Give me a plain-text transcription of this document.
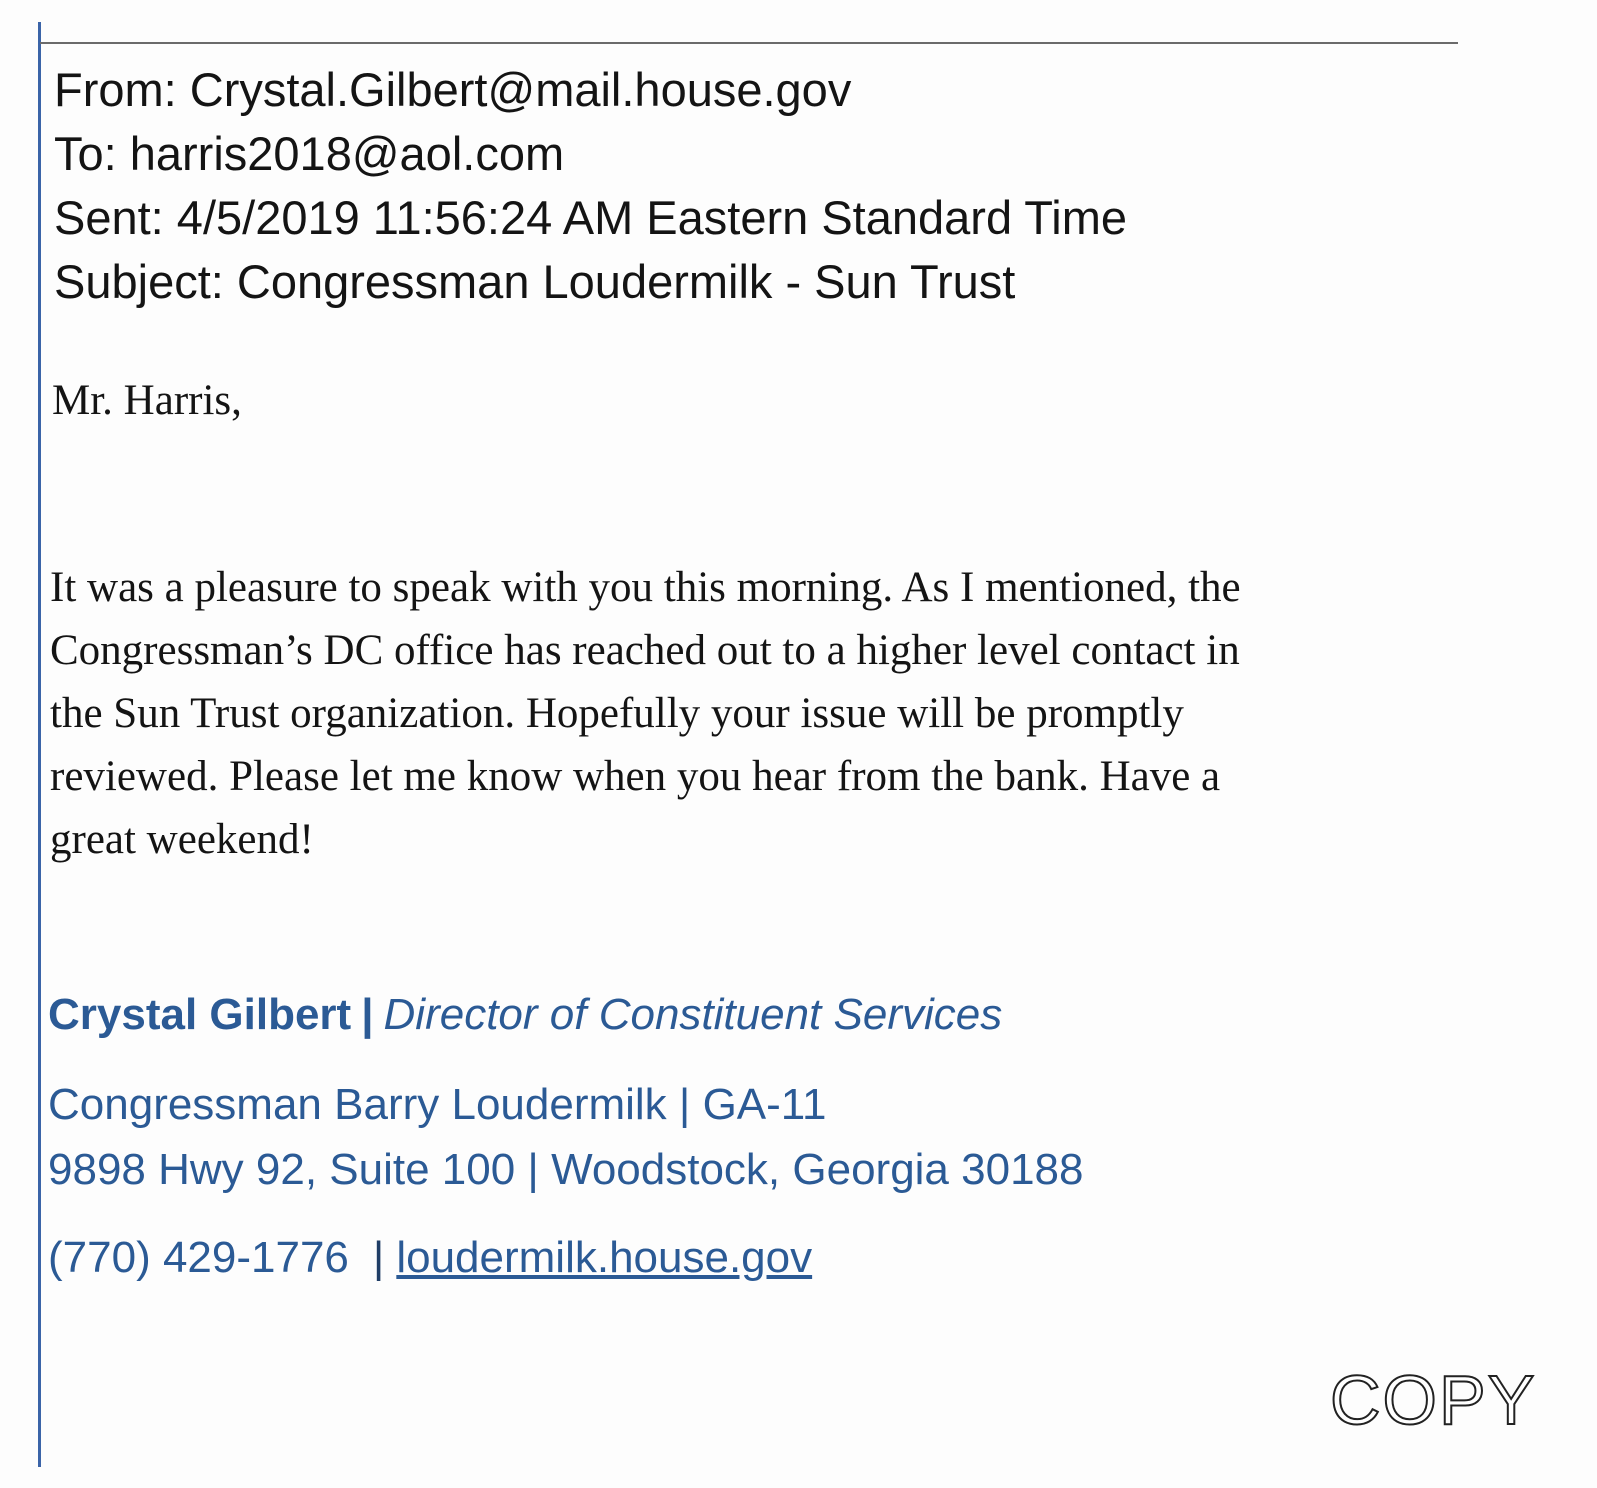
From: Crystal.Gilbert@mail.house.gov
To: harris2018@aol.com
Sent: 4/5/2019 11:56:24 AM Eastern Standard Time
Subject: Congressman Loudermilk - Sun Trust
Mr. Harris,
It was a pleasure to speak with you this morning. As I mentioned, the
Congressman’s DC office has reached out to a higher level contact in
the Sun Trust organization. Hopefully your issue will be promptly
reviewed. Please let me know when you hear from the bank. Have a
great weekend!
Crystal Gilbert | Director of Constituent Services
Congressman Barry Loudermilk | GA-11
9898 Hwy 92, Suite 100 | Woodstock, Georgia 30188
(770) 429-1776 | loudermilk.house.gov
COPY
